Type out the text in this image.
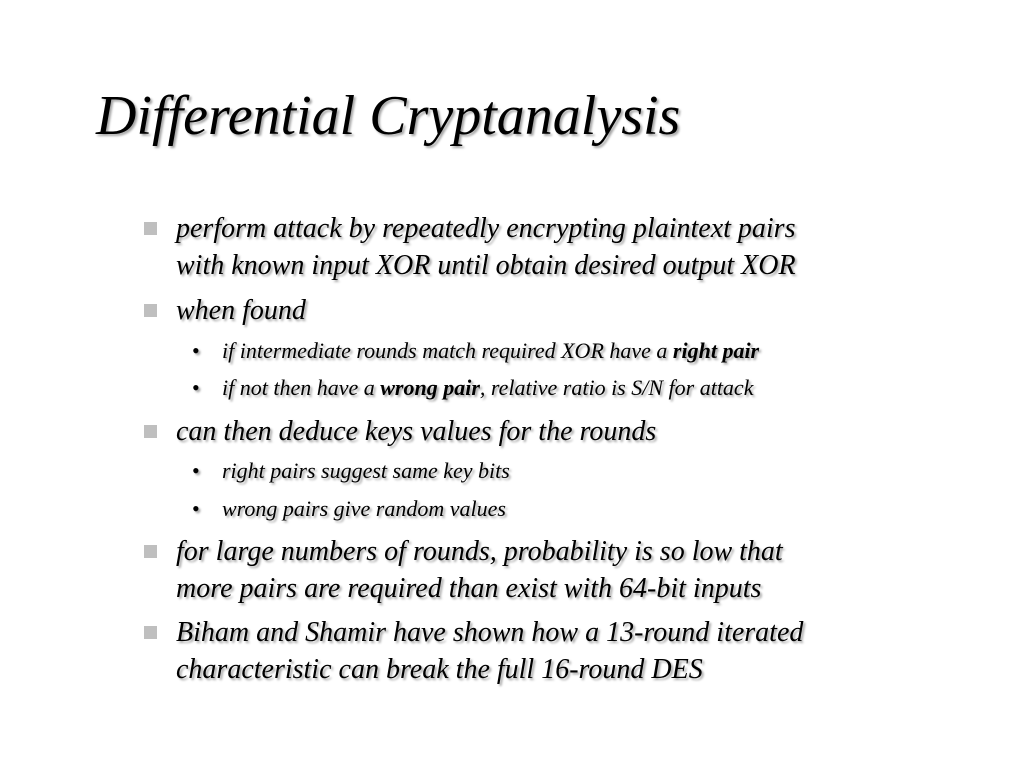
Differential Cryptanalysis
perform attack by repeatedly encrypting plaintext pairs
with known input XOR until obtain desired output XOR
when found
• if intermediate rounds match required XOR have a right pair
• if not then have a wrong pair, relative ratio is S/N for attack
can then deduce keys values for the rounds
• right pairs suggest same key bits
• wrong pairs give random values
for large numbers of rounds, probability is so low that
more pairs are required than exist with 64-bit inputs
Biham and Shamir have shown how a 13-round iterated
characteristic can break the full 16-round DES
